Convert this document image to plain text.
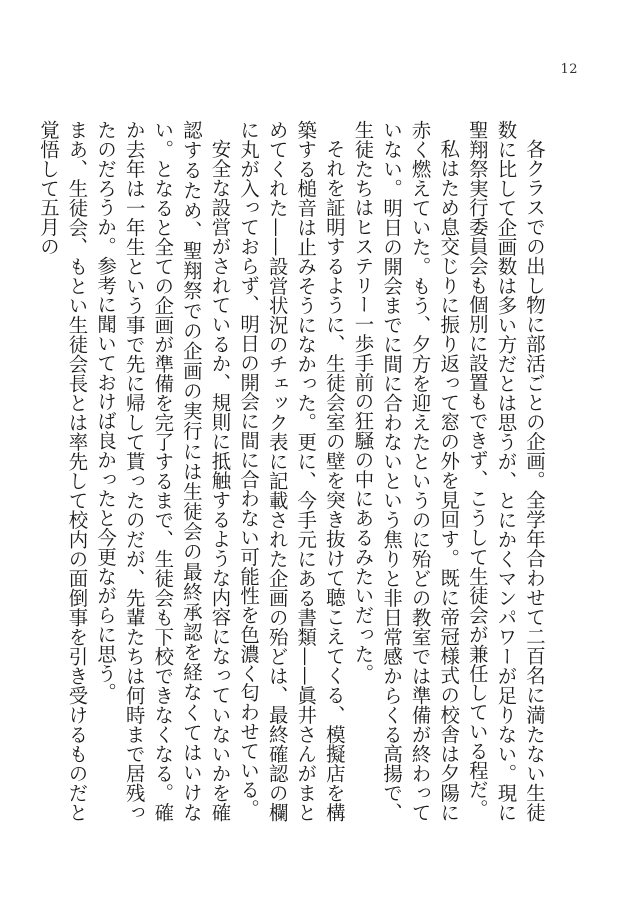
12

各クラスでの出し物に部活ごとの企画。全学年合わせて二百名に満たない生徒数に比して企画数は多い方だとは思うが、とにかくマンパワーが足りない。現に聖翔祭実行委員会も個別に設置もできず、こうして生徒会が兼任している程だ。

私はため息交じりに振り返って窓の外を見回す。既に帝冠様式の校舎は夕陽に赤く燃えていた。もう、夕方を迎えたというのに殆どの教室では準備が終わっていない。明日の開会までに間に合わないという焦りと非日常感からくる高揚で、生徒たちはヒステリー一歩手前の狂騒の中にあるみたいだった。

それを証明するように、生徒会室の壁を突き抜けて聴こえてくる、模擬店を構築する槌音は止みそうになかった。更に、今手元にある書類——眞井さんがまとめてくれた——設営状況のチェック表に記載された企画の殆どは、最終確認の欄に丸が入っておらず、明日の開会に間に合わない可能性を色濃く匂わせている。

安全な設営がされているか、規則に抵触するような内容になっていないかを確認するため、聖翔祭での企画の実行には生徒会の最終承認を経なくてはいけない。となると全ての企画が準備を完了するまで、生徒会も下校できなくなる。確か去年は一年生という事で先に帰して貰ったのだが、先輩たちは何時まで居残ったのだろうか。参考に聞いておけば良かったと今更ながらに思う。

まあ、生徒会、もとい生徒会長とは率先して校内の面倒事を引き受けるものだと覚悟して五月の
